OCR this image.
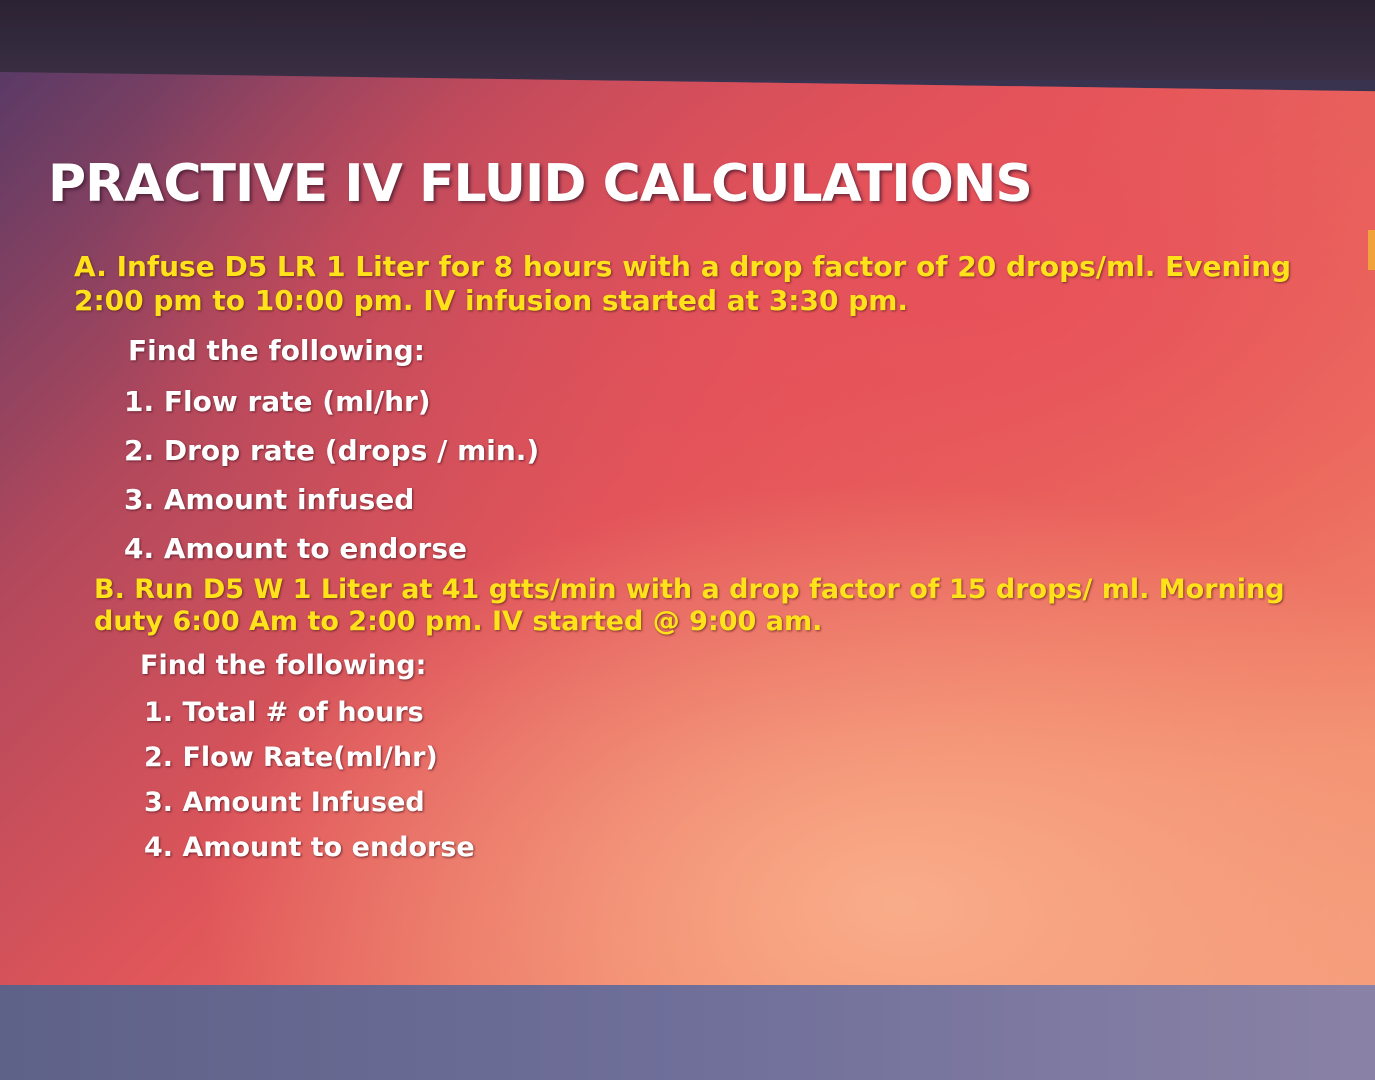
PRACTIVE IV FLUID CALCULATIONS

A. Infuse D5 LR 1 Liter for 8 hours with a drop factor of 20 drops/ml. Evening 2:00 pm to 10:00 pm. IV infusion started at 3:30 pm.

Find the following:

1. Flow rate (ml/hr)
2. Drop rate (drops / min.)
3. Amount infused
4. Amount to endorse

B. Run D5 W 1 Liter at 41 gtts/min with a drop factor of 15 drops/ ml. Morning duty 6:00 Am to 2:00 pm. IV started @ 9:00 am.

Find the following:

1. Total # of hours
2. Flow Rate(ml/hr)
3. Amount Infused
4. Amount to endorse
